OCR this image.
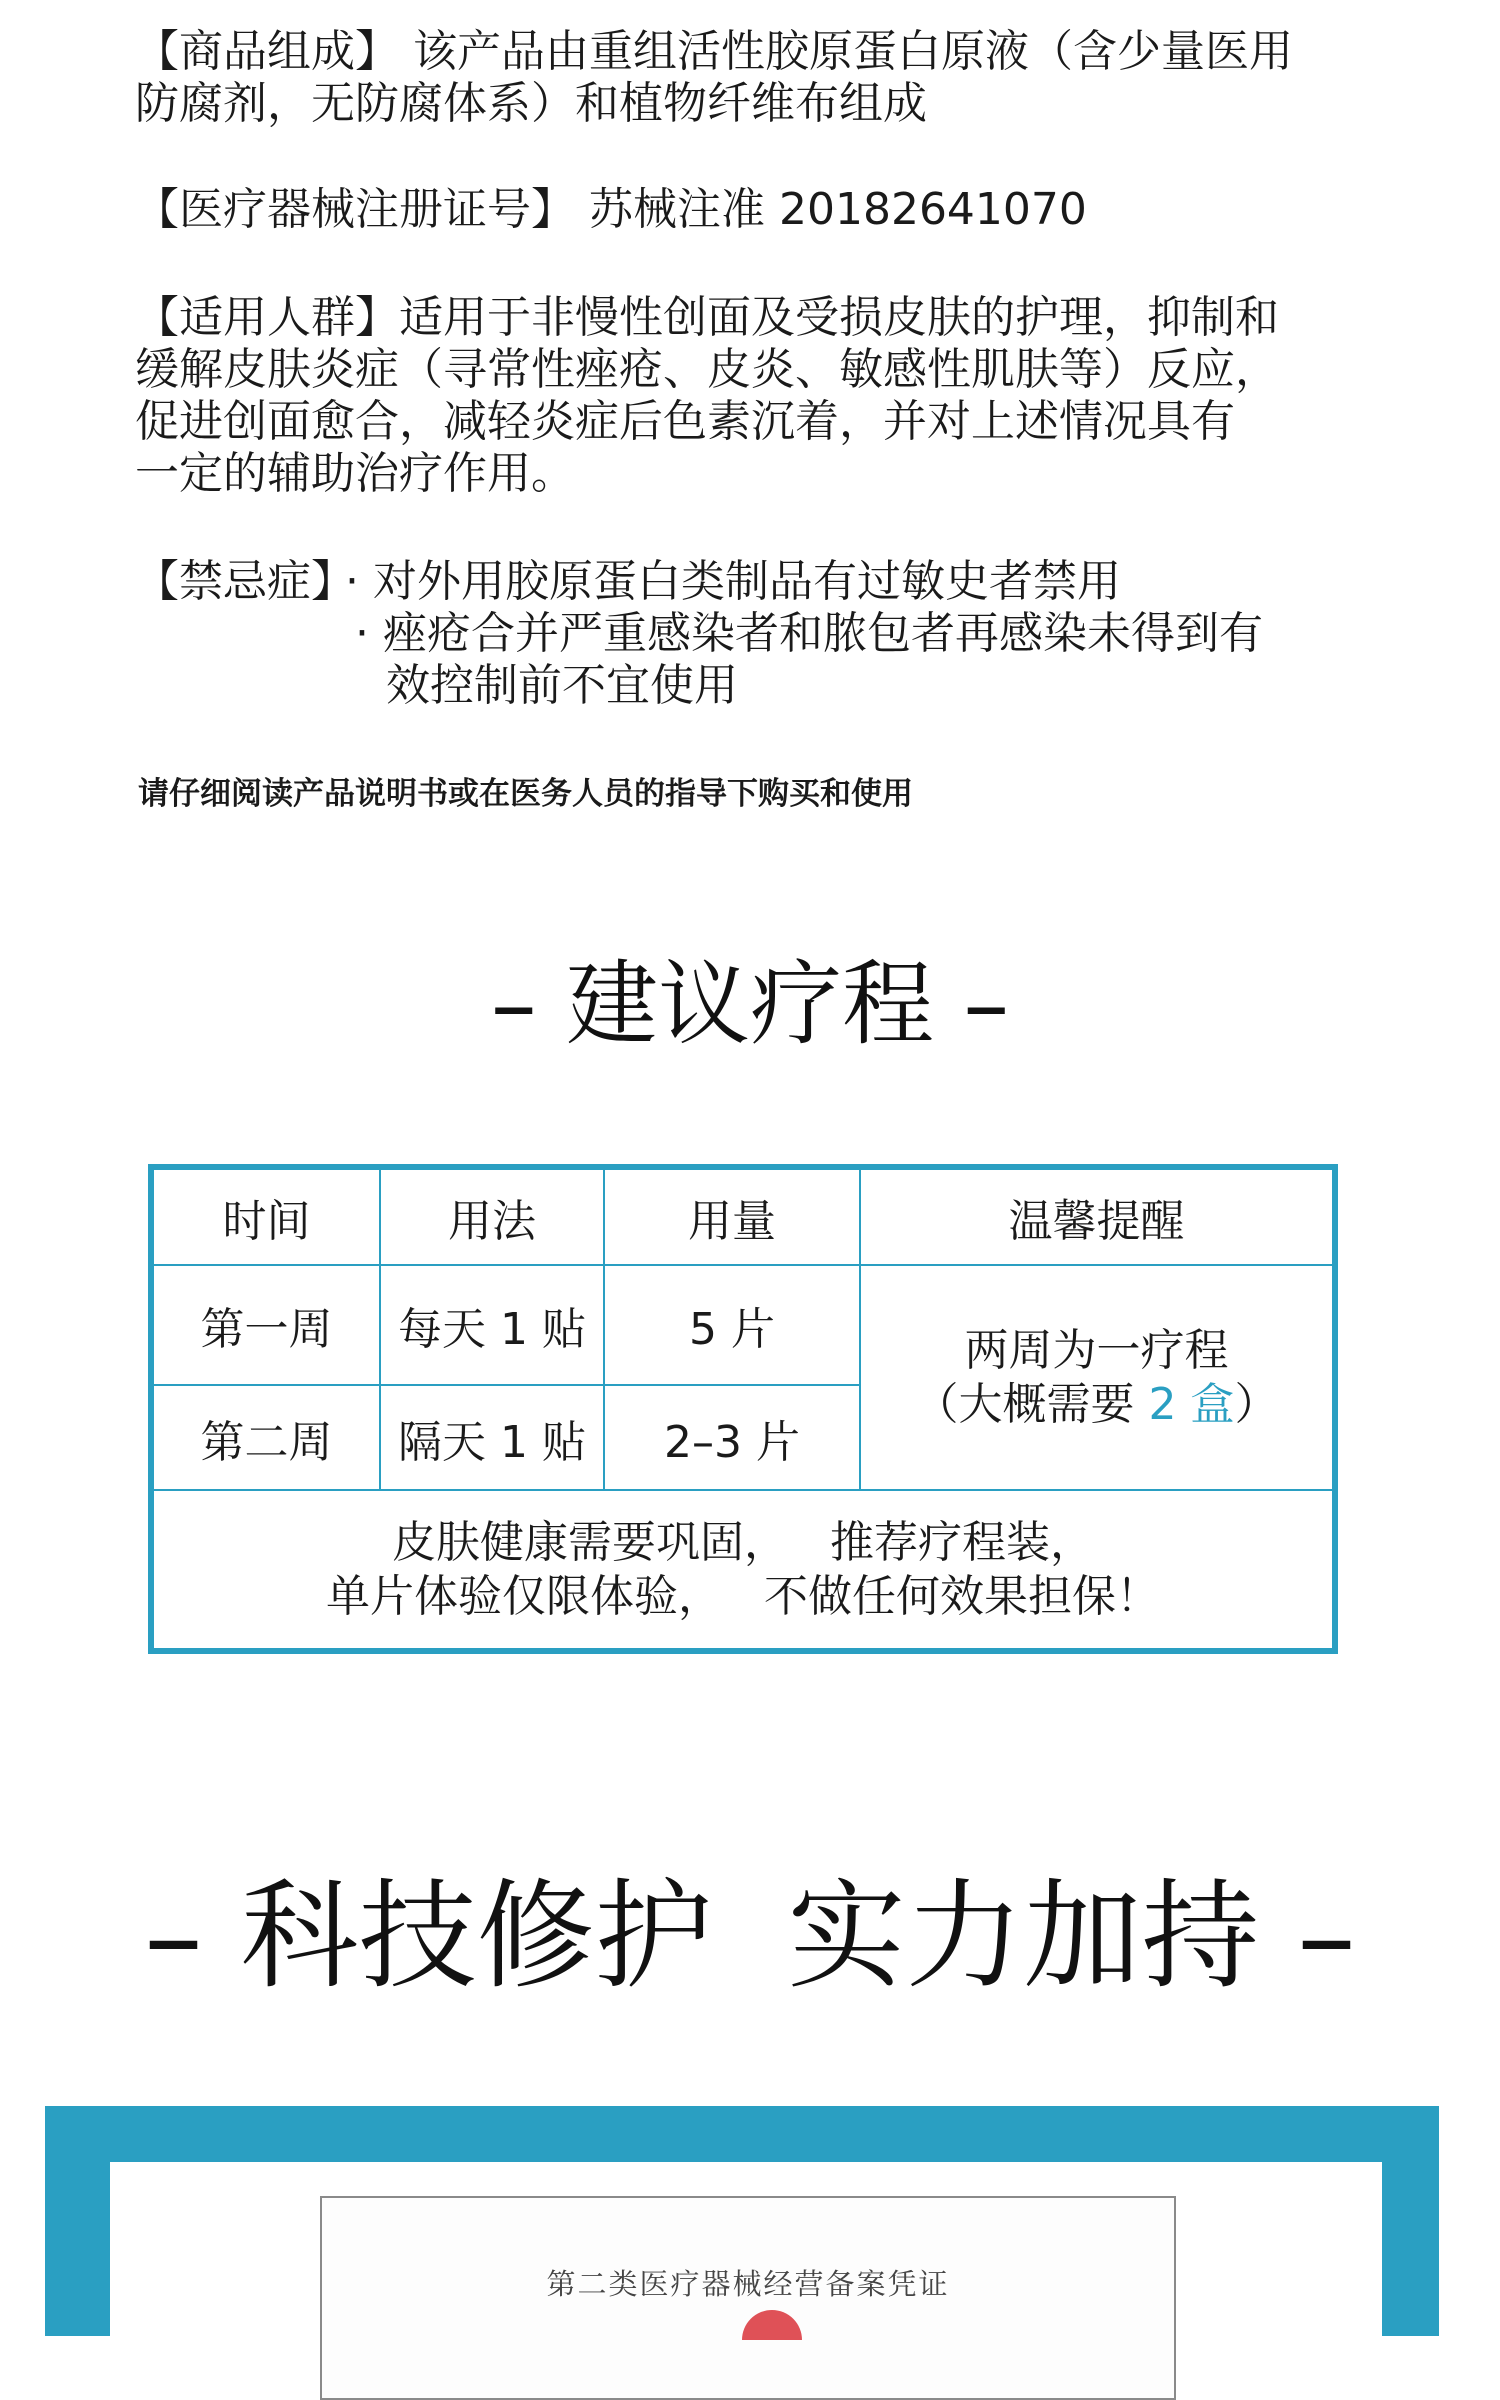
【商品组成】 该产品由重组活性胶原蛋白原液（含少量医用
防腐剂，无防腐体系）和植物纤维布组成
【医疗器械注册证号】 苏械注准 20182641070
【适用人群】适用于非慢性创面及受损皮肤的护理，抑制和
缓解皮肤炎症（寻常性痤疮、皮炎、敏感性肌肤等）反应，
促进创面愈合，减轻炎症后色素沉着，并对上述情况具有
一定的辅助治疗作用。
【禁忌症】
· 对外用胶原蛋白类制品有过敏史者禁用
· 痤疮合并严重感染者和脓包者再感染未得到有
效控制前不宜使用
请仔细阅读产品说明书或在医务人员的指导下购买和使用
– 建议疗程 –
时间	用法	用量	温馨提醒
第一周	每天 1 贴	5 片	两周为一疗程
（大概需要 2 盒）

第二周	隔天 1 贴	2–3 片	

皮肤健康需要巩固，   推荐疗程装，
单片体验仅限体验，   不做任何效果担保！			
– 科技修护  实力加持 –
第二类医疗器械经营备案凭证
